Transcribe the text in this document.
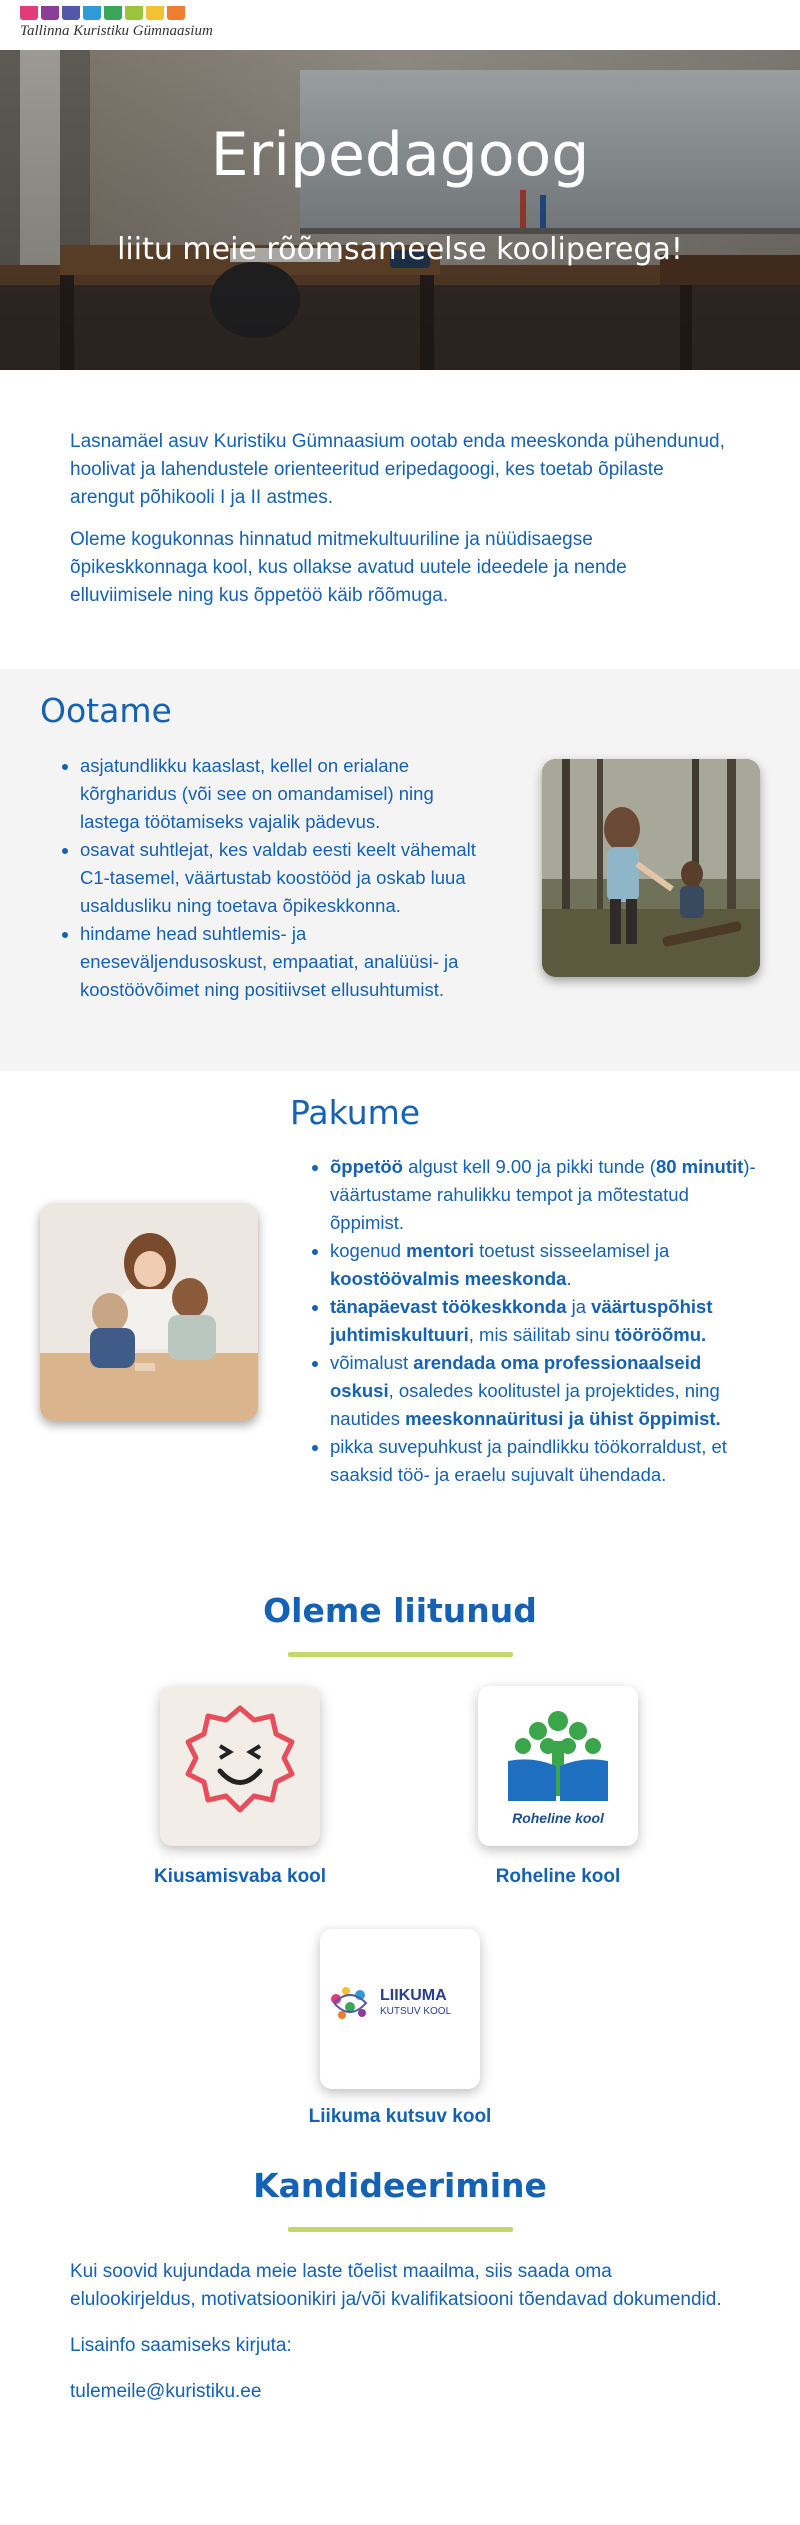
Tallinna Kuristiku Gümnaasium
Eripedagoog
liitu meie rõõmsameelse kooliperega!

Lasnamäel asuv Kuristiku Gümnaasium ootab enda meeskonda pühendunud, hoolivat ja lahendustele orienteeritud eripedagoogi, kes toetab õpilaste arengut põhikooli I ja II astmes.

Oleme kogukonnas hinnatud mitmekultuuriline ja nüüdisaegse õpikeskkonnaga kool, kus ollakse avatud uutele ideedele ja nende elluviimisele ning kus õppetöö käib rõõmuga.

Ootame
• asjatundlikku kaaslast, kellel on erialane kõrgharidus (või see on omandamisel) ning lastega töötamiseks vajalik pädevus.
• osavat suhtlejat, kes valdab eesti keelt vähemalt C1-tasemel, väärtustab koostööd ja oskab luua usaldusliku ning toetava õpikeskkonna.
• hindame head suhtlemis- ja eneseväljendusoskust, empaatiat, analüüsi- ja koostöövõimet ning positiivset ellusuhtumist.
Pakume
• õppetöö algust kell 9.00 ja pikki tunde (80 minutit)- väärtustame rahulikku tempot ja mõtestatud õppimist.
• kogenud mentori toetust sisseelamisel ja koostöövalmis meeskonda.
• tänapäevast töökeskkonda ja väärtuspõhist juhtimiskultuuri, mis säilitab sinu tööröõmu.
• võimalust arendada oma professionaalseid oskusi, osaledes koolitustel ja projektides, ning nautides meeskonnaüritusi ja ühist õppimist.
• pikka suvepuhkust ja paindlikku töökorraldust, et saaksid töö- ja eraelu sujuvalt ühendada.
Oleme liitunud
Kiusamisvaba kool
Roheline kool
Roheline kool
LIIKUMA
KUTSUV KOOL
Liikuma kutsuv kool
Kandideerimine

Kui soovid kujundada meie laste tõelist maailma, siis saada oma elulookirjeldus, motivatsioonikiri ja/või kvalifikatsiooni tõendavad dokumendid.

Lisainfo saamiseks kirjuta:

tulemeile@kuristiku.ee
